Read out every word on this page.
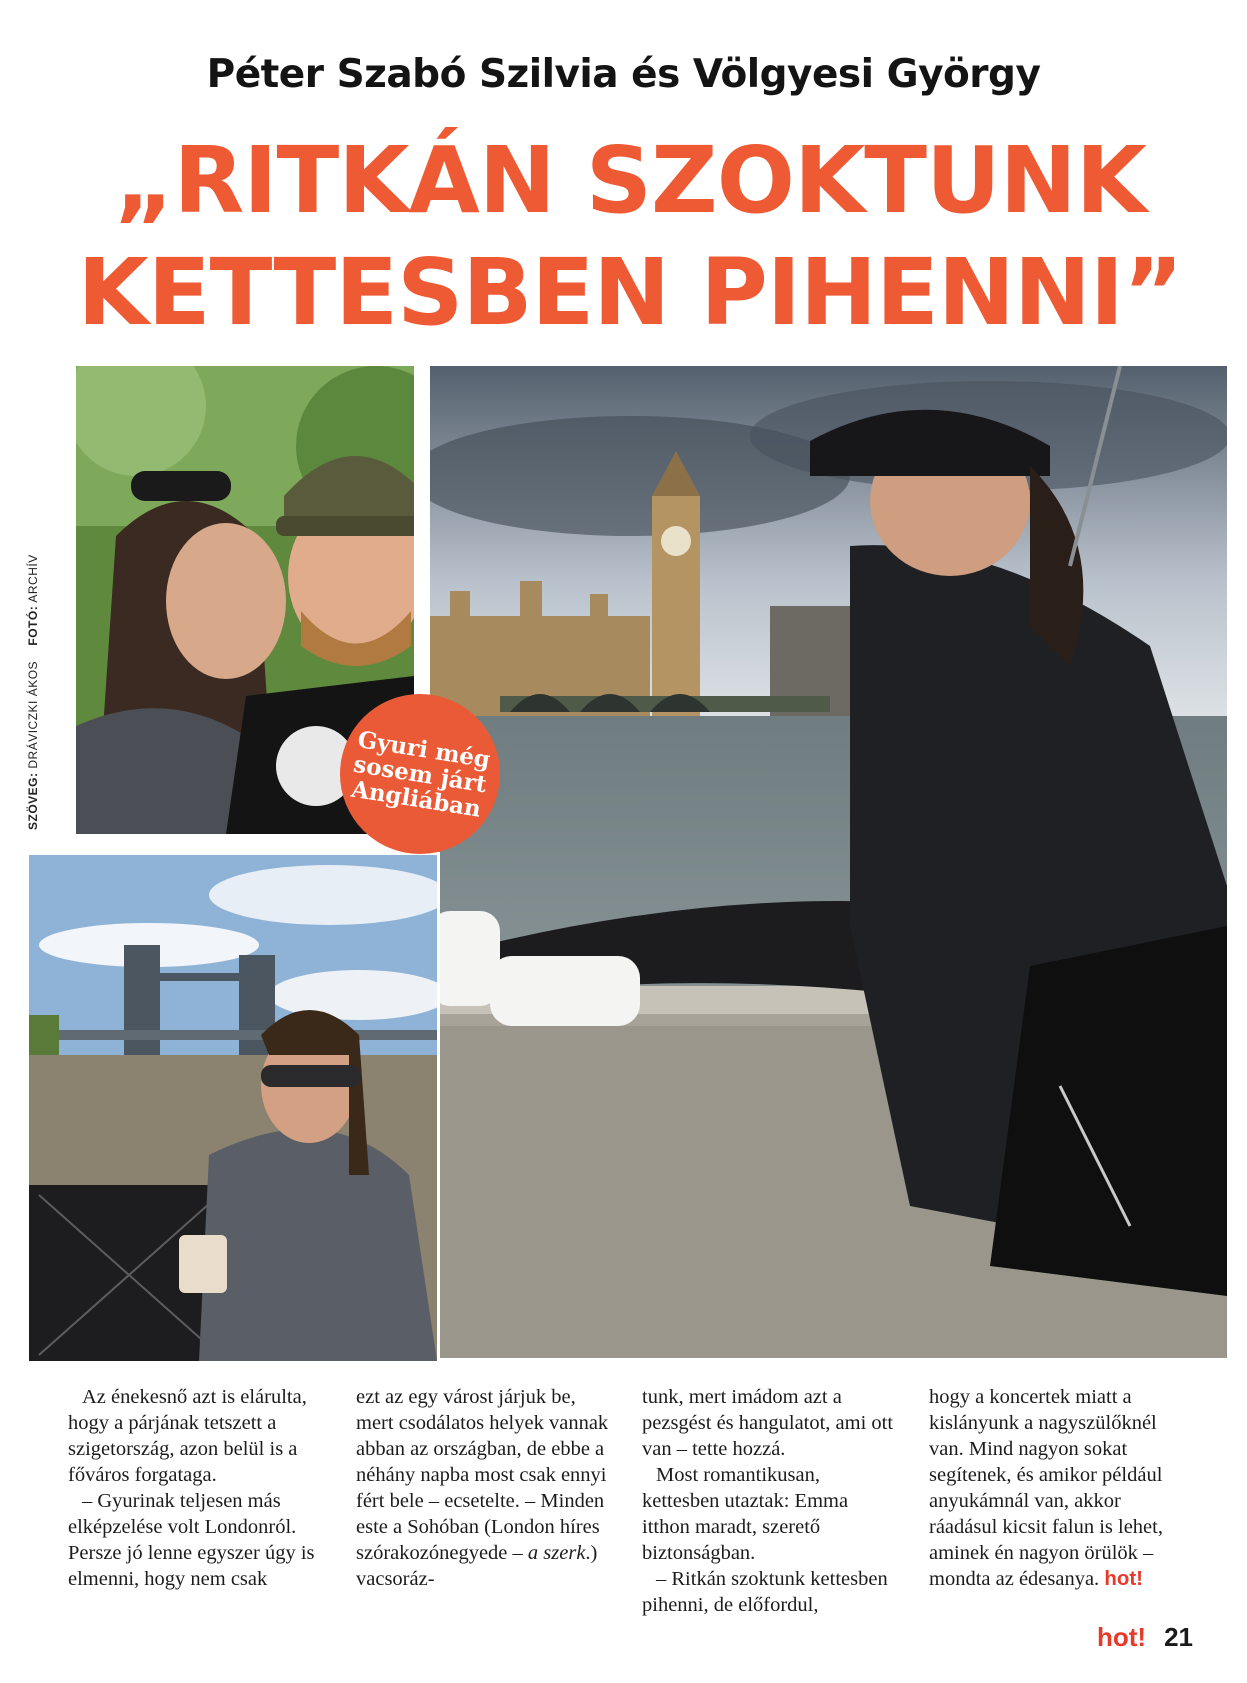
Péter Szabó Szilvia és Völgyesi György
„RITKÁN SZOKTUNK
KETTESBEN PIHENNI”
SZÖVEG: DRÁVICZKI ÁKOS    FOTÓ: ARCHÍV
Gyuri még
sosem járt
Angliában

Az énekesnő azt is elárulta, hogy a párjának tetszett a szigetország, azon belül is a főváros forgataga.

– Gyurinak teljesen más elképzelése volt Londonról. Persze jó lenne egyszer úgy is elmenni, hogy nem csak

ezt az egy várost járjuk be, mert csodálatos helyek vannak abban az országban, de ebbe a néhány napba most csak ennyi fért bele – ecsetelte. – Minden este a Sohóban (London híres szórakozónegyede – a szerk.) vacsoráz-

tunk, mert imádom azt a pezsgést és hangulatot, ami ott van – tette hozzá.

Most romantikusan, kettesben utaztak: Emma itthon maradt, szerető biztonságban.

– Ritkán szoktunk kettesben pihenni, de előfordul,

hogy a koncertek miatt a kislányunk a nagyszülőknél van. Mind nagyon sokat segítenek, és amikor például anyukámnál van, akkor ráadásul kicsit falun is lehet, aminek én nagyon örülök – mondta az édesanya. hot!

hot! 21
